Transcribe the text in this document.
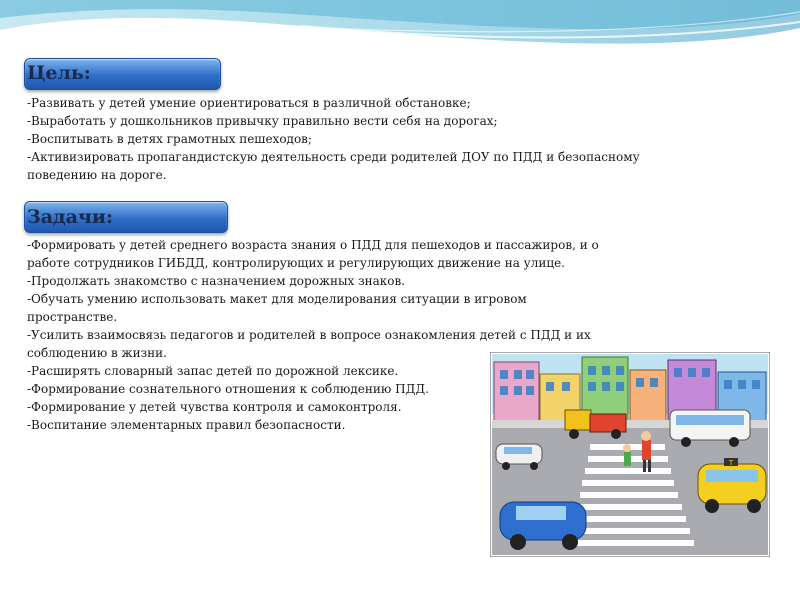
Цель:
-Развивать у детей умение ориентироваться в различной обстановке;
-Выработать у дошкольников привычку правильно вести себя на дорогах;
-Воспитывать в детях грамотных пешеходов;
-Активизировать пропагандистскую деятельность среди родителей ДОУ по ПДД и безопасному
поведению на дороге.
Задачи:
-Формировать у детей среднего возраста знания о ПДД для пешеходов и пассажиров, и о
работе сотрудников ГИБДД, контролирующих и регулирующих движение на улице.
-Продолжать знакомство с назначением дорожных знаков.
-Обучать умению использовать макет для моделирования ситуации в игровом
пространстве.
-Усилить взаимосвязь педагогов и родителей в вопросе ознакомления детей с ПДД и их
соблюдению в жизни.
-Расширять словарный запас детей по дорожной лексике.
-Формирование сознательного отношения к соблюдению ПДД.
-Формирование у детей чувства контроля и самоконтроля.
-Воспитание элементарных правил безопасности.
T
